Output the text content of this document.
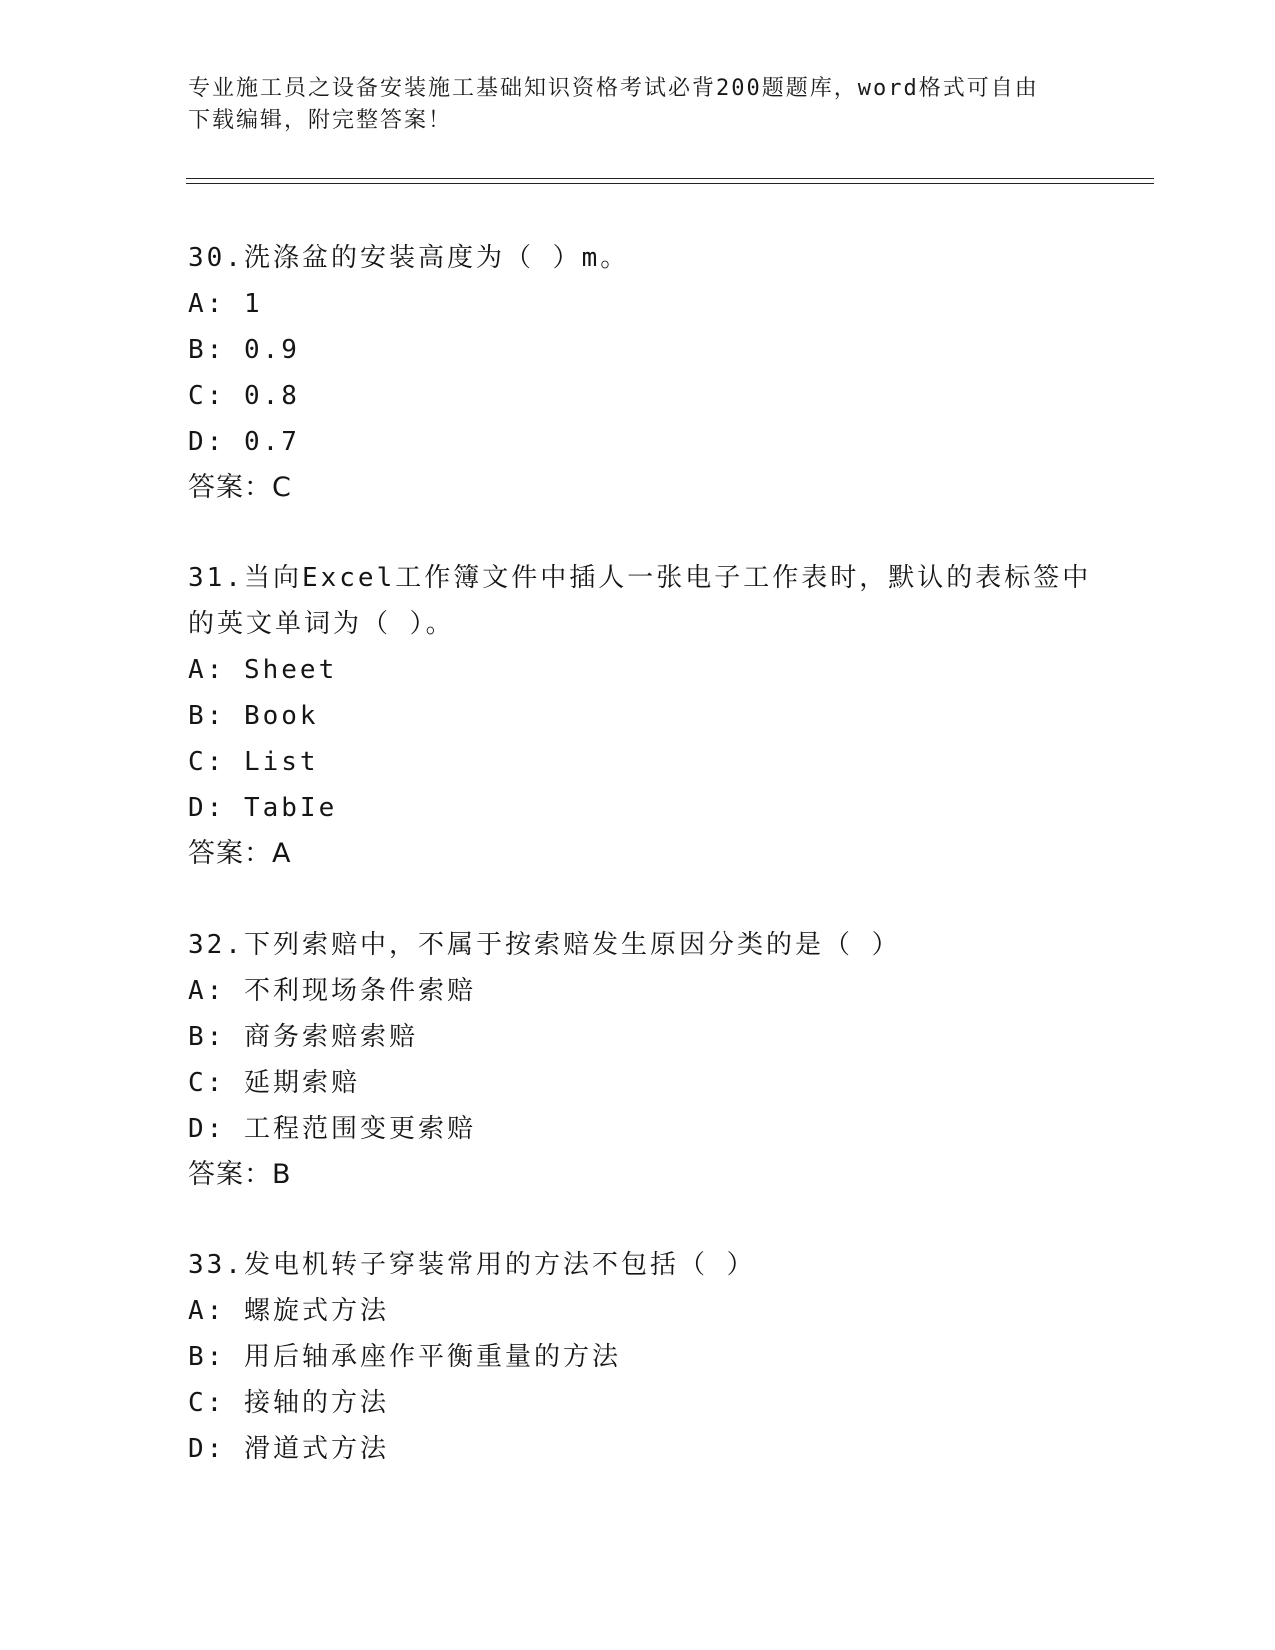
专业施工员之设备安装施工基础知识资格考试必背200题题库，word格式可自由
下载编辑，附完整答案！
30.洗涤盆的安装高度为（ ）m。
A: 1
B: 0.9
C: 0.8
D: 0.7
答案：C
31.当向Excel工作簿文件中插人一张电子工作表时，默认的表标签中
的英文单词为（ ）。
A: Sheet
B: Book
C: List
D: TabIe
答案：A
32.下列索赔中，不属于按索赔发生原因分类的是（ ）
A: 不利现场条件索赔
B: 商务索赔索赔
C: 延期索赔
D: 工程范围变更索赔
答案：B
33.发电机转子穿装常用的方法不包括（ ）
A: 螺旋式方法
B: 用后轴承座作平衡重量的方法
C: 接轴的方法
D: 滑道式方法
